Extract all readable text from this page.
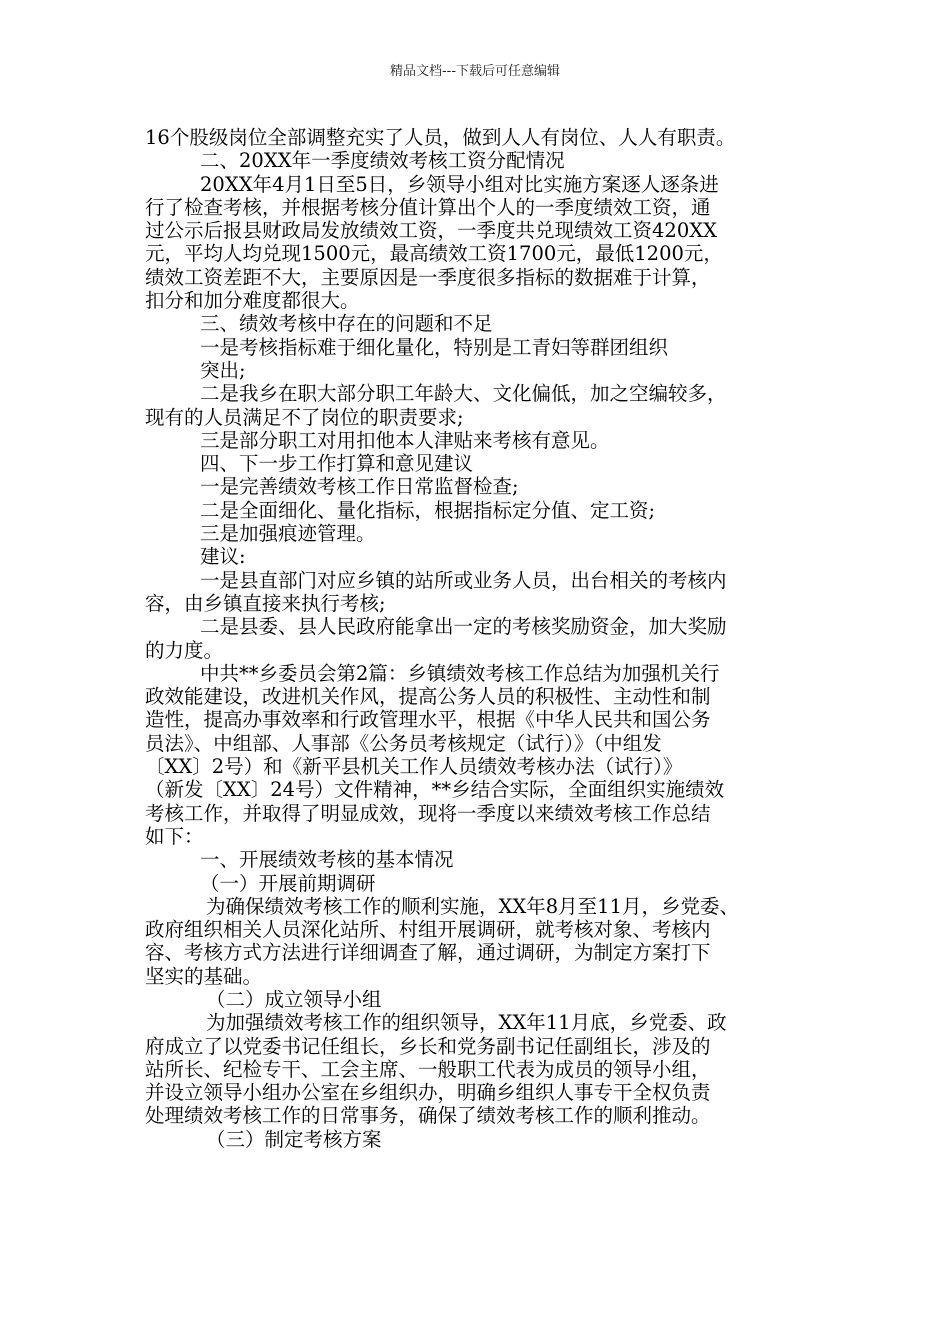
精品文档---下载后可任意编辑
16个股级岗位全部调整充实了人员，做到人人有岗位、人人有职责。
二、20XX年一季度绩效考核工资分配情况
20XX年4月1日至5日，乡领导小组对比实施方案逐人逐条进
行了检查考核，并根据考核分值计算出个人的一季度绩效工资，通
过公示后报县财政局发放绩效工资，一季度共兑现绩效工资420XX
元，平均人均兑现1500元，最高绩效工资1700元，最低1200元，
绩效工资差距不大，主要原因是一季度很多指标的数据难于计算，
扣分和加分难度都很大。
三、绩效考核中存在的问题和不足
一是考核指标难于细化量化，特别是工青妇等群团组织
突出;
二是我乡在职大部分职工年龄大、文化偏低，加之空编较多，
现有的人员满足不了岗位的职责要求;
三是部分职工对用扣他本人津贴来考核有意见。
四、下一步工作打算和意见建议
一是完善绩效考核工作日常监督检查;
二是全面细化、量化指标，根据指标定分值、定工资;
三是加强痕迹管理。
建议:
一是县直部门对应乡镇的站所或业务人员，出台相关的考核内
容，由乡镇直接来执行考核;
二是县委、县人民政府能拿出一定的考核奖励资金，加大奖励
的力度。
中共**乡委员会第2篇：乡镇绩效考核工作总结为加强机关行
政效能建设，改进机关作风，提高公务人员的积极性、主动性和制
造性，提高办事效率和行政管理水平，根据《中华人民共和国公务
员法》、中组部、人事部《公务员考核规定（试行）》（中组发
〔XX〕2号）和《新平县机关工作人员绩效考核办法（试行）》
（新发〔XX〕24号）文件精神，**乡结合实际，全面组织实施绩效
考核工作，并取得了明显成效，现将一季度以来绩效考核工作总结
如下：
一、开展绩效考核的基本情况
（一）开展前期调研
为确保绩效考核工作的顺利实施，XX年8月至11月，乡党委、
政府组织相关人员深化站所、村组开展调研，就考核对象、考核内
容、考核方式方法进行详细调查了解，通过调研，为制定方案打下
坚实的基础。
（二）成立领导小组
为加强绩效考核工作的组织领导，XX年11月底，乡党委、政
府成立了以党委书记任组长，乡长和党务副书记任副组长，涉及的
站所长、纪检专干、工会主席、一般职工代表为成员的领导小组，
并设立领导小组办公室在乡组织办，明确乡组织人事专干全权负责
处理绩效考核工作的日常事务，确保了绩效考核工作的顺利推动。
（三）制定考核方案
